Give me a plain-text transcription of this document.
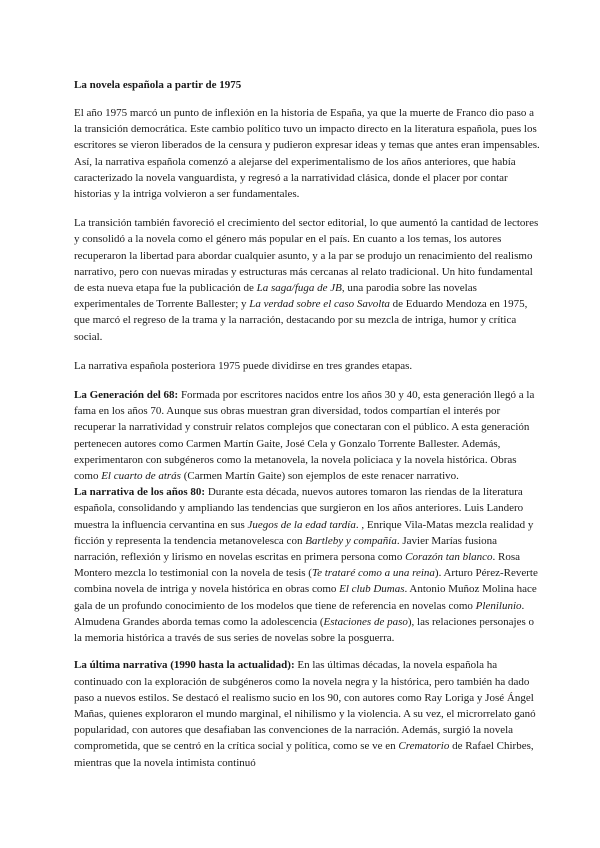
La novela española a partir de 1975

El año 1975 marcó un punto de inflexión en la historia de España, ya que la muerte de Franco dio paso a la transición democrática. Este cambio político tuvo un impacto directo en la literatura española, pues los escritores se vieron liberados de la censura y pudieron expresar ideas y temas que antes eran impensables. Así, la narrativa española comenzó a alejarse del experimentalismo de los años anteriores, que había caracterizado la novela vanguardista, y regresó a la narratividad clásica, donde el placer por contar historias y la intriga volvieron a ser fundamentales.

La transición también favoreció el crecimiento del sector editorial, lo que aumentó la cantidad de lectores y consolidó a la novela como el género más popular en el país. En cuanto a los temas, los autores recuperaron la libertad para abordar cualquier asunto, y a la par se produjo un renacimiento del realismo narrativo, pero con nuevas miradas y estructuras más cercanas al relato tradicional. Un hito fundamental de esta nueva etapa fue la publicación de La saga/fuga de JB, una parodia sobre las novelas experimentales de Torrente Ballester; y La verdad sobre el caso Savolta de Eduardo Mendoza en 1975, que marcó el regreso de la trama y la narración, destacando por su mezcla de intriga, humor y crítica social.

La narrativa española posteriora 1975 puede dividirse en tres grandes etapas.

La Generación del 68: Formada por escritores nacidos entre los años 30 y 40, esta generación llegó a la fama en los años 70. Aunque sus obras muestran gran diversidad, todos compartían el interés por recuperar la narratividad y construir relatos complejos que conectaran con el público. A esta generación pertenecen autores como Carmen Martín Gaite, José Cela y Gonzalo Torrente Ballester. Además, experimentaron con subgéneros como la metanovela, la novela policiaca y la novela histórica. Obras como El cuarto de atrás (Carmen Martín Gaite) son ejemplos de este renacer narrativo.

La narrativa de los años 80: Durante esta década, nuevos autores tomaron las riendas de la literatura española, consolidando y ampliando las tendencias que surgieron en los años anteriores. Luis Landero muestra la influencia cervantina en sus Juegos de la edad tardía. , Enrique Vila-Matas mezcla realidad y ficción y representa la tendencia metanovelesca con Bartleby y compañía. Javier Marías fusiona narración, reflexión y lirismo en novelas escritas en primera persona como Corazón tan blanco. Rosa Montero mezcla lo testimonial con la novela de tesis (Te trataré como a una reina). Arturo Pérez-Reverte combina novela de intriga y novela histórica en obras como El club Dumas. Antonio Muñoz Molina hace gala de un profundo conocimiento de los modelos que tiene de referencia en novelas como Plenilunio. Almudena Grandes aborda temas como la adolescencia (Estaciones de paso), las relaciones personajes o la memoria histórica a través de sus series de novelas sobre la posguerra.

La última narrativa (1990 hasta la actualidad): En las últimas décadas, la novela española ha continuado con la exploración de subgéneros como la novela negra y la histórica, pero también ha dado paso a nuevos estilos. Se destacó el realismo sucio en los 90, con autores como Ray Loriga y José Ángel Mañas, quienes exploraron el mundo marginal, el nihilismo y la violencia. A su vez, el microrrelato ganó popularidad, con autores que desafiaban las convenciones de la narración. Además, surgió la novela comprometida, que se centró en la crítica social y política, como se ve en Crematorio de Rafael Chirbes, mientras que la novela intimista continuó
